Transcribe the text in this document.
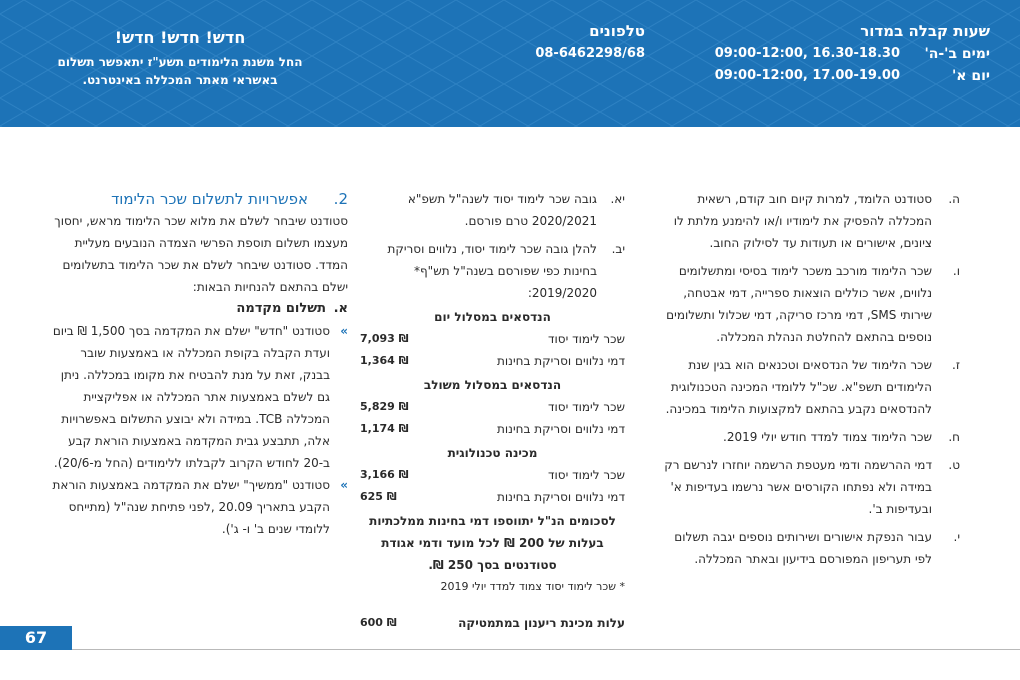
שעות קבלה במדור
ימים ב'-ה'
09:00-12:00, 16.30-18.30
יום א'
09:00-12:00, 17.00-19.00
טלפונים
08-6462298/68
חדש! חדש! חדש!
החל משנת הלימודים תשע"ז יתאפשר תשלום
באשראי מאתר המכללה באינטרנט.
ה.
סטודנט הלומד, למרות קיום חוב קודם, רשאית המכללה להפסיק את לימודיו ו/או להימנע מלתת לו ציונים, אישורים או תעודות עד לסילוק החוב.
ו.
שכר הלימוד מורכב משכר לימוד בסיסי ומתשלומים נלווים, אשר כוללים הוצאות ספרייה, דמי אבטחה, שירותי SMS, דמי מרכז סריקה, דמי שכלול ותשלומים נוספים בהתאם להחלטת הנהלת המכללה.
ז.
שכר הלימוד של הנדסאים וטכנאים הוא בגין שנת הלימודים תשפ"א. שכ"ל ללומדי המכינה הטכנולוגית להנדסאים נקבע בהתאם למקצועות הלימוד במכינה.
ח.
שכר הלימוד צמוד למדד חודש יולי 2019.
ט.
דמי ההרשמה ודמי מעטפת הרשמה יוחזרו לנרשם רק במידה ולא נפתחו הקורסים אשר נרשמו בעדיפות א' ובעדיפות ב'.
י.
עבור הנפקת אישורים ושירותים נוספים יגבה תשלום לפי תעריפון המפורסם בידיעון ובאתר המכללה.
יא.
גובה שכר לימוד יסוד לשנה"ל תשפ"א 2020/2021 טרם פורסם.
יב.
להלן גובה שכר לימוד יסוד, נלווים וסריקת בחינות כפי שפורסם בשנה"ל תש"ף* 2019/2020:
הנדסאים במסלול יום
שכר לימוד יסוד
7,093 ₪
דמי נלווים וסריקת בחינות
1,364 ₪
הנדסאים במסלול משולב
שכר לימוד יסוד
5,829 ₪
דמי נלווים וסריקת בחינות
1,174 ₪
מכינה טכנולוגית
שכר לימוד יסוד
3,166 ₪
דמי נלווים וסריקת בחינות
625 ₪
לסכומים הנ"ל יתווספו דמי בחינות ממלכתיות בעלות של 200 ₪ לכל מועד ודמי אגודת סטודנטים בסך 250 ₪.
* שכר לימוד יסוד צמוד למדד יולי 2019
עלות מכינת ריענון במתמטיקה
600 ₪
2.
אפשרויות לתשלום שכר הלימוד
סטודנט שיבחר לשלם את מלוא שכר הלימוד מראש, יחסוך מעצמו תשלום תוספת הפרשי הצמדה הנובעים מעליית המדד. סטודנט שיבחר לשלם את שכר הלימוד בתשלומים ישלם בהתאם להנחיות הבאות:
א.
תשלום מקדמה
»
סטודנט "חדש" ישלם את המקדמה בסך 1,500 ₪ ביום ועדת הקבלה בקופת המכללה או באמצעות שובר בבנק, זאת על מנת להבטיח את מקומו במכללה. ניתן גם לשלם באמצעות אתר המכללה או אפליקציית המכללה TCB. במידה ולא יבוצע התשלום באפשרויות אלה, תתבצע גבית המקדמה באמצעות הוראת קבע ב-20 לחודש הקרוב לקבלתו ללימודים (החל מ-20/6).
»
סטודנט "ממשיך" ישלם את המקדמה באמצעות הוראת הקבע בתאריך 20.09 ,לפני פתיחת שנה"ל (מתייחס ללומדי שנים ב' ו- ג').
67
